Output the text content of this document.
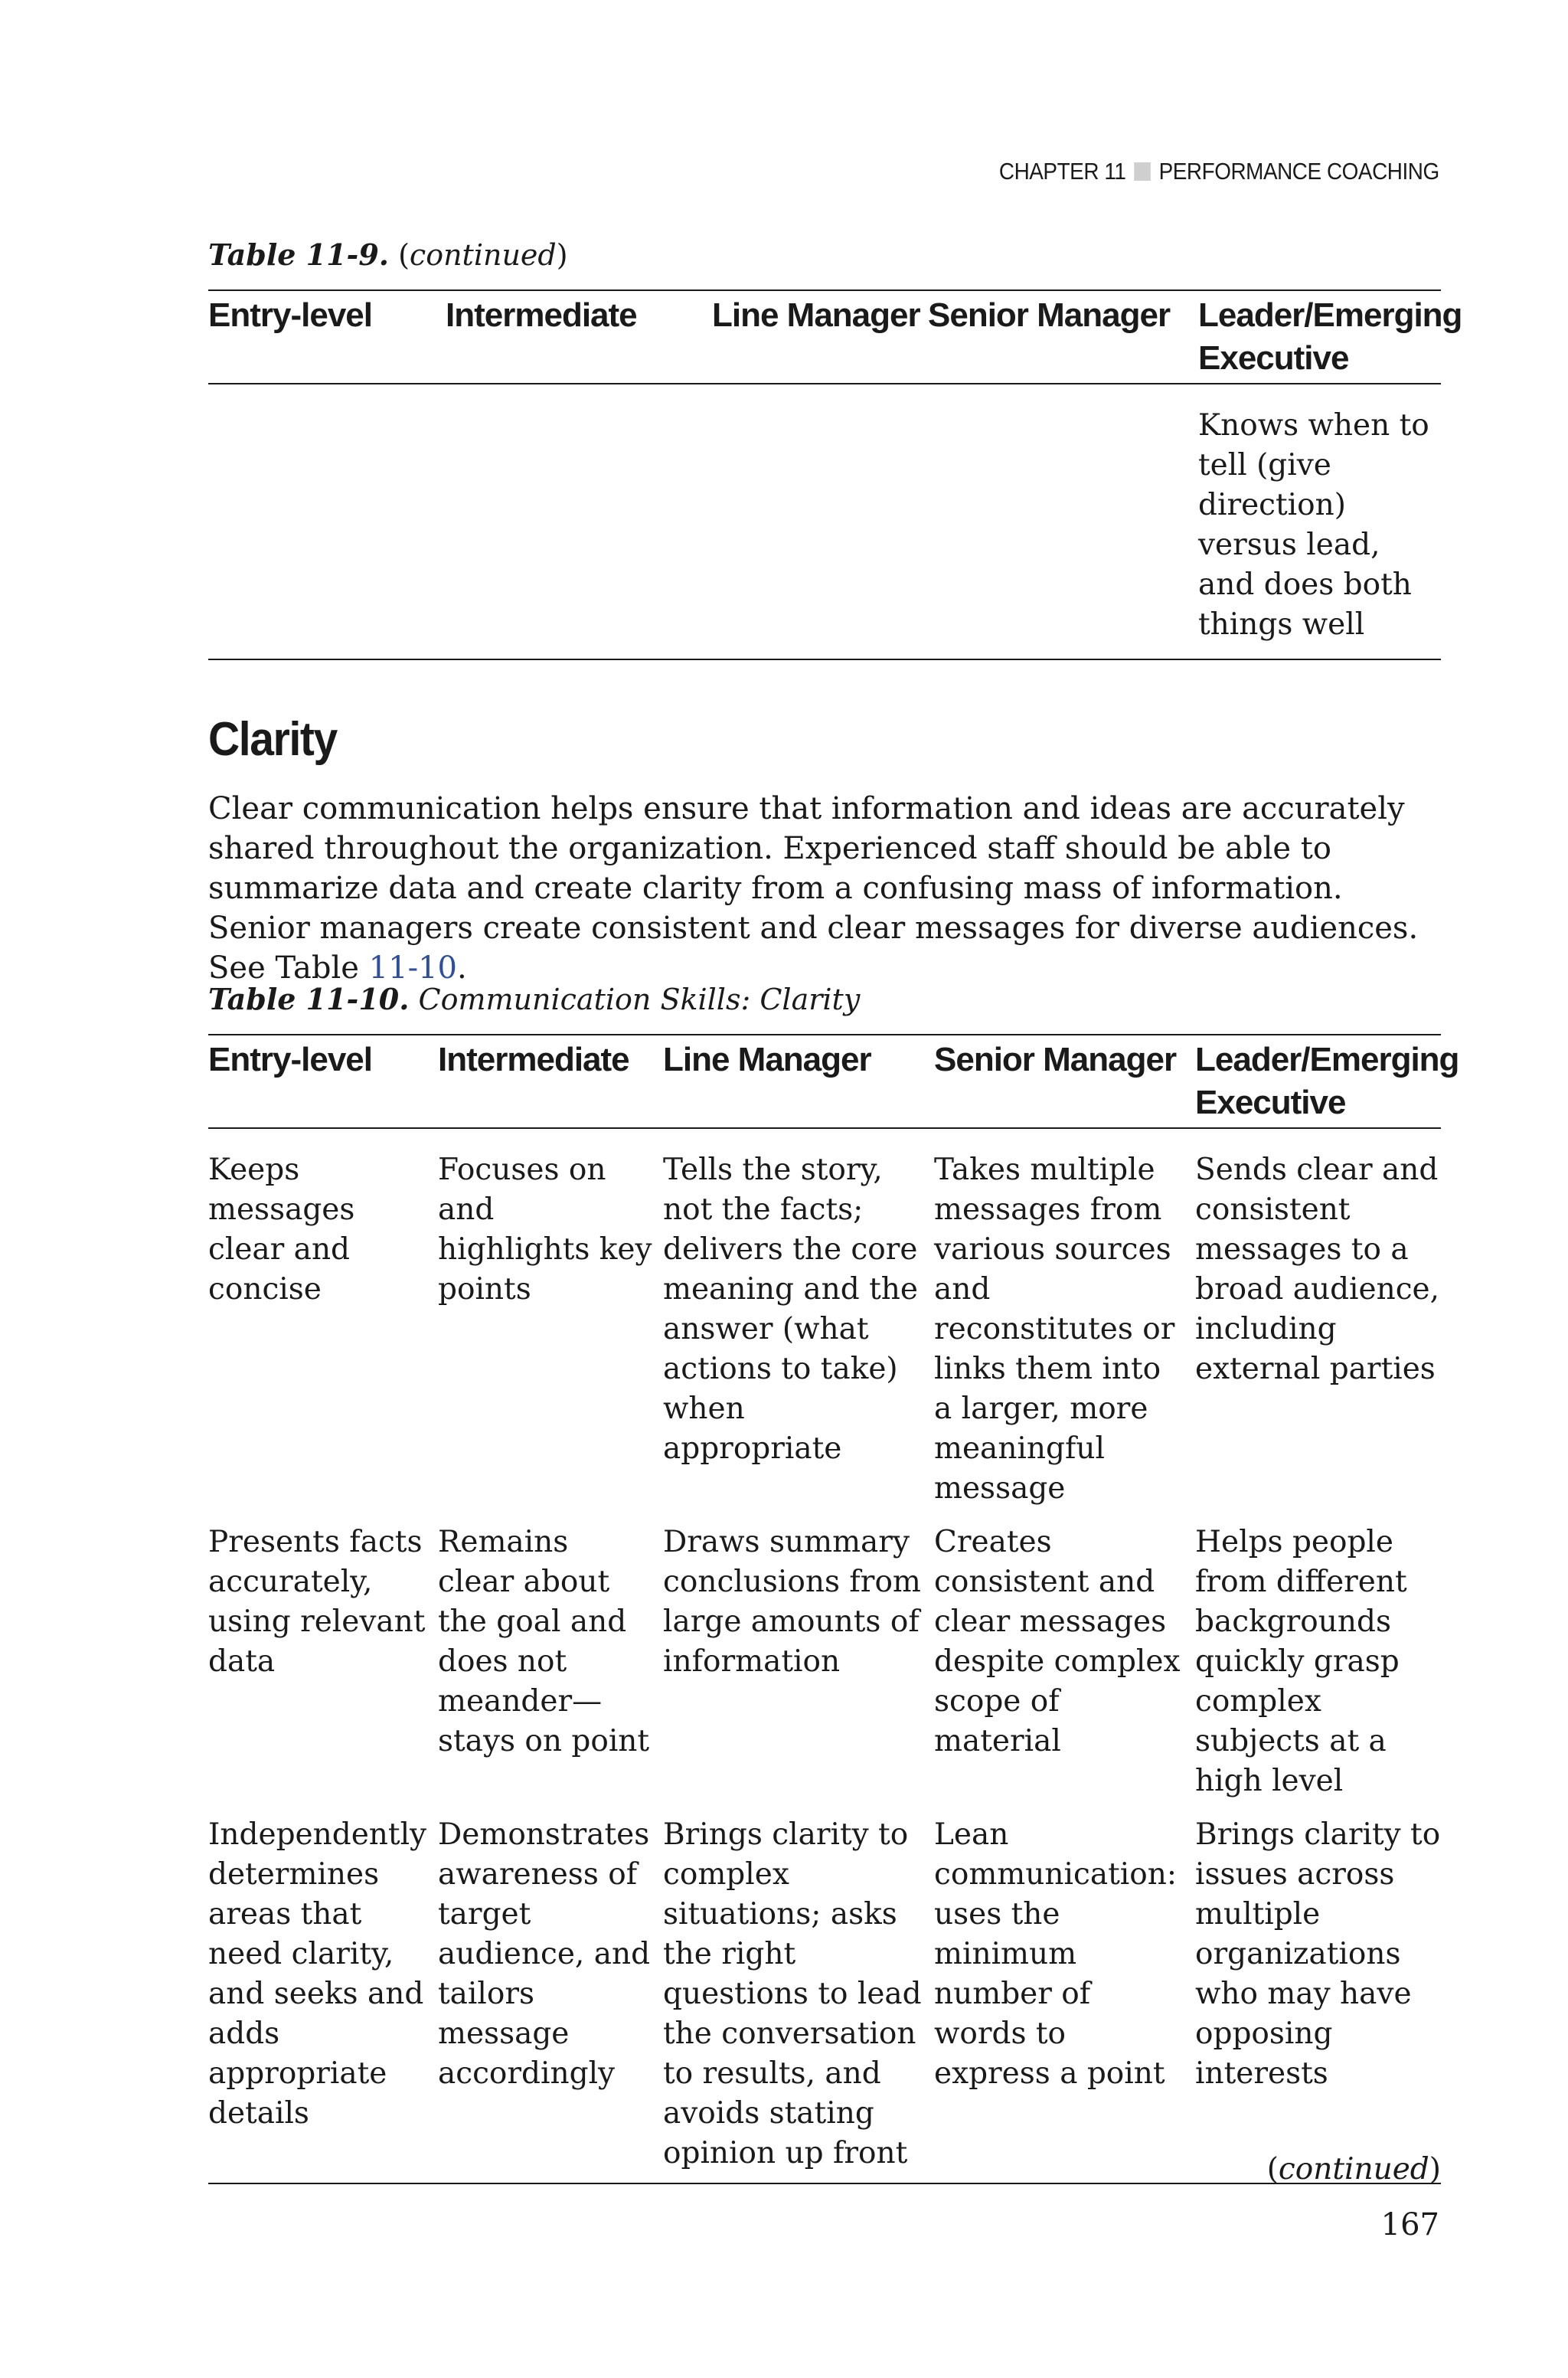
CHAPTER 11 PERFORMANCE COACHING
Table 11-9. (continued)
Entry-level	Intermediate	Line Manager	Senior Manager	Leader/Emerging Executive
				Knows when to tell (give direction) versus lead, and does both things well
Clarity
Clear communication helps ensure that information and ideas are accurately shared throughout the organization. Experienced staff should be able to summarize data and create clarity from a confusing mass of information. Senior managers create consistent and clear messages for diverse audiences. See Table 11-10.
Table 11-10. Communication Skills: Clarity
Entry-level	Intermediate	Line Manager	Senior Manager	Leader/Emerging Executive
Keeps messages clear and concise	Focuses on and highlights key points	Tells the story, not the facts; delivers the core meaning and the answer (what actions to take) when appropriate	Takes multiple messages from various sources and reconstitutes or links them into a larger, more meaningful message	Sends clear and consistent messages to a broad audience, including external parties
Presents facts accurately, using relevant data	Remains clear about the goal and does not meander— stays on point	Draws summary conclusions from large amounts of information	Creates consistent and clear messages despite complex scope of material	Helps people from different backgrounds quickly grasp complex subjects at a high level
Independently determines areas that need clarity, and seeks and adds appropriate details	Demonstrates awareness of target audience, and tailors message accordingly	Brings clarity to complex situations; asks the right questions to lead the conversation to results, and avoids stating opinion up front	Lean communication: uses the minimum number of words to express a point	Brings clarity to issues across multiple organizations who may have opposing interests
(continued)
167
